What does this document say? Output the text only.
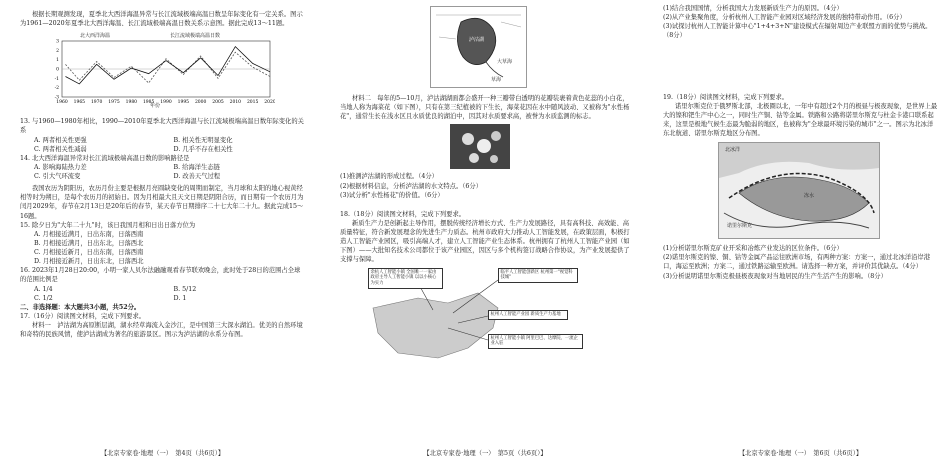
根据长期观测发现，夏季北大西洋海温异常与长江流域极端高温日数呈年际变化有一定关系。图示为1961—2020年夏季北大西洋海温、长江流域极端高温日数关系示意图。据此完成13～11题。

1960 1965 1970 1975 1980 1985 1990 1995 2000 2005 2010 2015 2020
3
2
1
0
-1
-2
-3
北大西洋海温	长江流域极端高温日数
年份

13. 与1960—1980年相比，1990—2010年夏季北大西洋海温与长江流域极端高温日数年际变化的关系

A. 两者相关性更强	B. 相关性无明显变化
C. 两者相关性减弱	D. 几乎不存在相关性

14. 北大西洋海温异常对长江流域极端高温日数的影响路径是

A. 影响海陆热力差	B. 给海洋生态链
C. 引大气环流变	D. 改善天气过程

我国农历为阴阳历，农历月份主要是根据月亮圆缺变化的周期而制定，当月球和太阳的地心视黄经相等时为朔日，是每个农历月的初始日。因为月相最大且天文日期是阴阳合历，而日期有一个农历月为闰月2029年，春节在2月13日是20年后的春节，某天春节日期排序二十七大年二十九。据此完成15～16题。

15. 除夕日为"大年二十九"时，该日我国月相和日出日落方位为

A. 月相接近满月，日出东南，日落西南
B. 月相接近满月，日出东北，日落西北
C. 月相接近新月，日出东南，日落西南
D. 月相接近新月，日出东北，日落西北

16. 2023年1月28日20:00，小明一家人贝尔法融融观看春节联欢晚会，此时处于28日的范围占全球的范围比例是

A. 1/4	B. 5/12
C. 1/2	D. 1

二、非选择题：本大题共3小题，共52分。

17.（16分）阅读图文材料，完成下列要求。

材料一　泸沽湖为高原断层湖，湖水经草海流入金沙江，是中国第三大深水湖泊。优美的自然环境和奇特的民族风情，使泸沽湖成为著名的旅游景区。图示为泸沽湖的水系分布图。

【北京专家卷·地理（一）　第4页（共6页）】
泸沽湖
大草海
草海

材料二　每年的5—10月，泸沽湖湖面都会盛开一种三瓣带白透明的花瓣装裹着黄色花蕊的小白花，当地人称为海菜花（如下图），只有在第三纪植被的下生长，海菜花因在水中随风波动、又被称为"水性杨花"，通常生长在浅水区且水质优良的湖泊中，因其对水质要求高，被誉为水质监测的标志。

(1)推测泸沽湖的形成过程。（4分）

(2)根据材料信息，分析泸沽湖的水文特点。（6分）

(3)试分析"水性杨花"的价值。（6分）

18.（18分）阅读图文材料，完成下列要求。

新质生产力是创新起主导作用，摆脱传统经济增长方式、生产力发展路径，具有高科技、高效能、高质量特征，符合新发展理念的先进生产力质态。杭州市政府大力推动人工智能发展，在政策层面，积极打造人工智能产业园区，吸引高端人才，建立人工智能产业生态体系。杭州拥有了杭州人工智能产业园（如下图）——大批知名技术公司都位于该产业园区，因区与多个机构签订战略合作协议，为产业发展提供了支撑与保障。

余杭人工智能小镇 全国唯一一家由政府主导人工智能小镇 以以小核心为实力
临平人工智能创新区 杭州第一"视觉科技城"
杭州人工智能产业园 新质生产力基地
杭州人工智能小镇 阿里巴巴、达摩院、一流企业入驻
【北京专家卷·地理（一）　第5页（共6页）】

(1)结合我国国情，分析我国大力发展新质生产力的原因。（4分）

(2)从产业集聚角度，分析杭州人工智能产业园对区域经济发展的独特带动作用。（6分）

(3)试探讨杭州人工智能计算中心"1+4+3+N"建设模式在辐射周边产业联盟方面的优势与挑战。（8分）

19.（18分）阅读图文材料，完成下列要求。

诺里尔斯克位于俄罗斯北部，北极圈以北，一年中有超过2个月的极昼与极夜现象，是世界上最大的镍和钯生产中心之一，同时生产铜、钴等金属。铁路和公路将诺里尔斯克与杜金卡港口联系起来，这里是极地气候生态最为脆弱的地区，也被称为"全球最环境污染的城市"之一。图示为北冰洋东北航道、诺里尔斯克地区分布图。

北冰洋
冻水
诺里尔斯克

(1)分析诺里尔斯克矿业开采和冶炼产业发达的区位条件。（6分）

(2)诺里尔斯克的镍、铜、钴等金属产品运往欧洲市场，有两种方案：方案一，通过北冰洋沿岸港口，海运至欧洲；方案二，通过铁路运输至欧洲。请选择一种方案，并评价其优缺点。（4分）

(3)分析说明诺里尔斯克极昼极夜现象对当地居民的生产生活产生的影响。（8分）

【北京专家卷·地理（一）　第6页（共6页）】
